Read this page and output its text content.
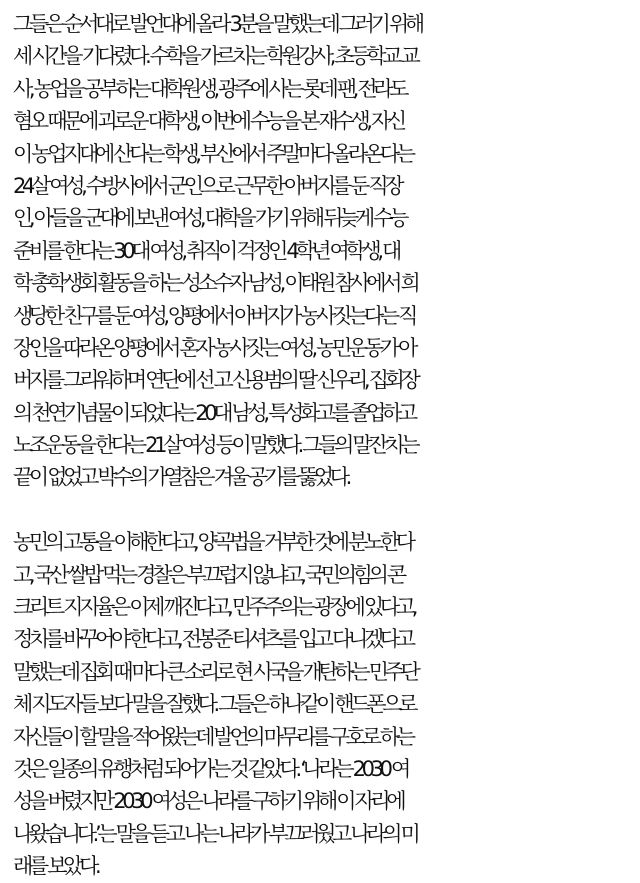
그들은 순서대로 발언대에 올라 3분을 말했는데 그러기 위해
세 시간을 기다렸다. 수학을 가르치는 학원강사, 초등학교 교
사, 농업을 공부하는 대학원생, 광주에 사는 롯데 팬, 전라도
혐오 때문에 괴로운 대학생, 이번에 수능을 본 재수생, 자신
이 농업지대에 산다는 학생, 부산에서 주말마다 올라온다는
24살 여성, 수방사에서 군인으로 근무한 아버지를 둔 직장
인, 아들을 군대에 보낸 여성, 대학을 가기 위해 뒤늦게 수능
준비를 한다는 30대 여성, 취직이 걱정인 4학년 여학생, 대
학 총학생회 활동을 하는 성소수자 남성, 이태원 참사에서 희
생당한 친구를 둔 여성, 양평에서 아버지가 농사짓는다는 직
장인을 따라온 양평에서 혼자 농사짓는 여성, 농민운동가 아
버지를 그리워하며 연단에 선 고 신용범의 딸 신우리, 집회장
의 천연기념물이 되었다는 20대 남성, 특성화고를 졸업하고
노조운동을 한다는 21살 여성 등이 말했다. 그들의 말잔치는
끝이 없었고 박수의 가열참은 겨울 공기를 뚫었다.
농민의 고통을 이해한다고, 양곡법을 거부한 것에 분노한다
고, 국산 쌀밥 먹는 경찰은 부끄럽지 않냐고, 국민의힘의 콘
크리트 지지율은 이제 깨진다고, 민주주의는 광장에 있다고,
정치를 바꾸어야 한다고, 전봉준 티셔츠를 입고 다니겠다고
말했는데 집회 때 마다 큰 소리로 현 시국을 개탄하는 민주단
체 지도자들 보다 말을 잘했다. 그들은 하나같이 핸드폰으로
자신들이 할 말을 적어왔는데 발언의 마무리를 구호로 하는
것은 일종의 유행처럼 되어가는 것 같았다. ‘나라는 2030 여
성을 버렸지만 2030 여성은 나라를 구하기 위해 이 자리에
나왔습니다.’는 말을 듣고 나는 나라가 부끄러웠고 나라의 미
래를 보았다.
